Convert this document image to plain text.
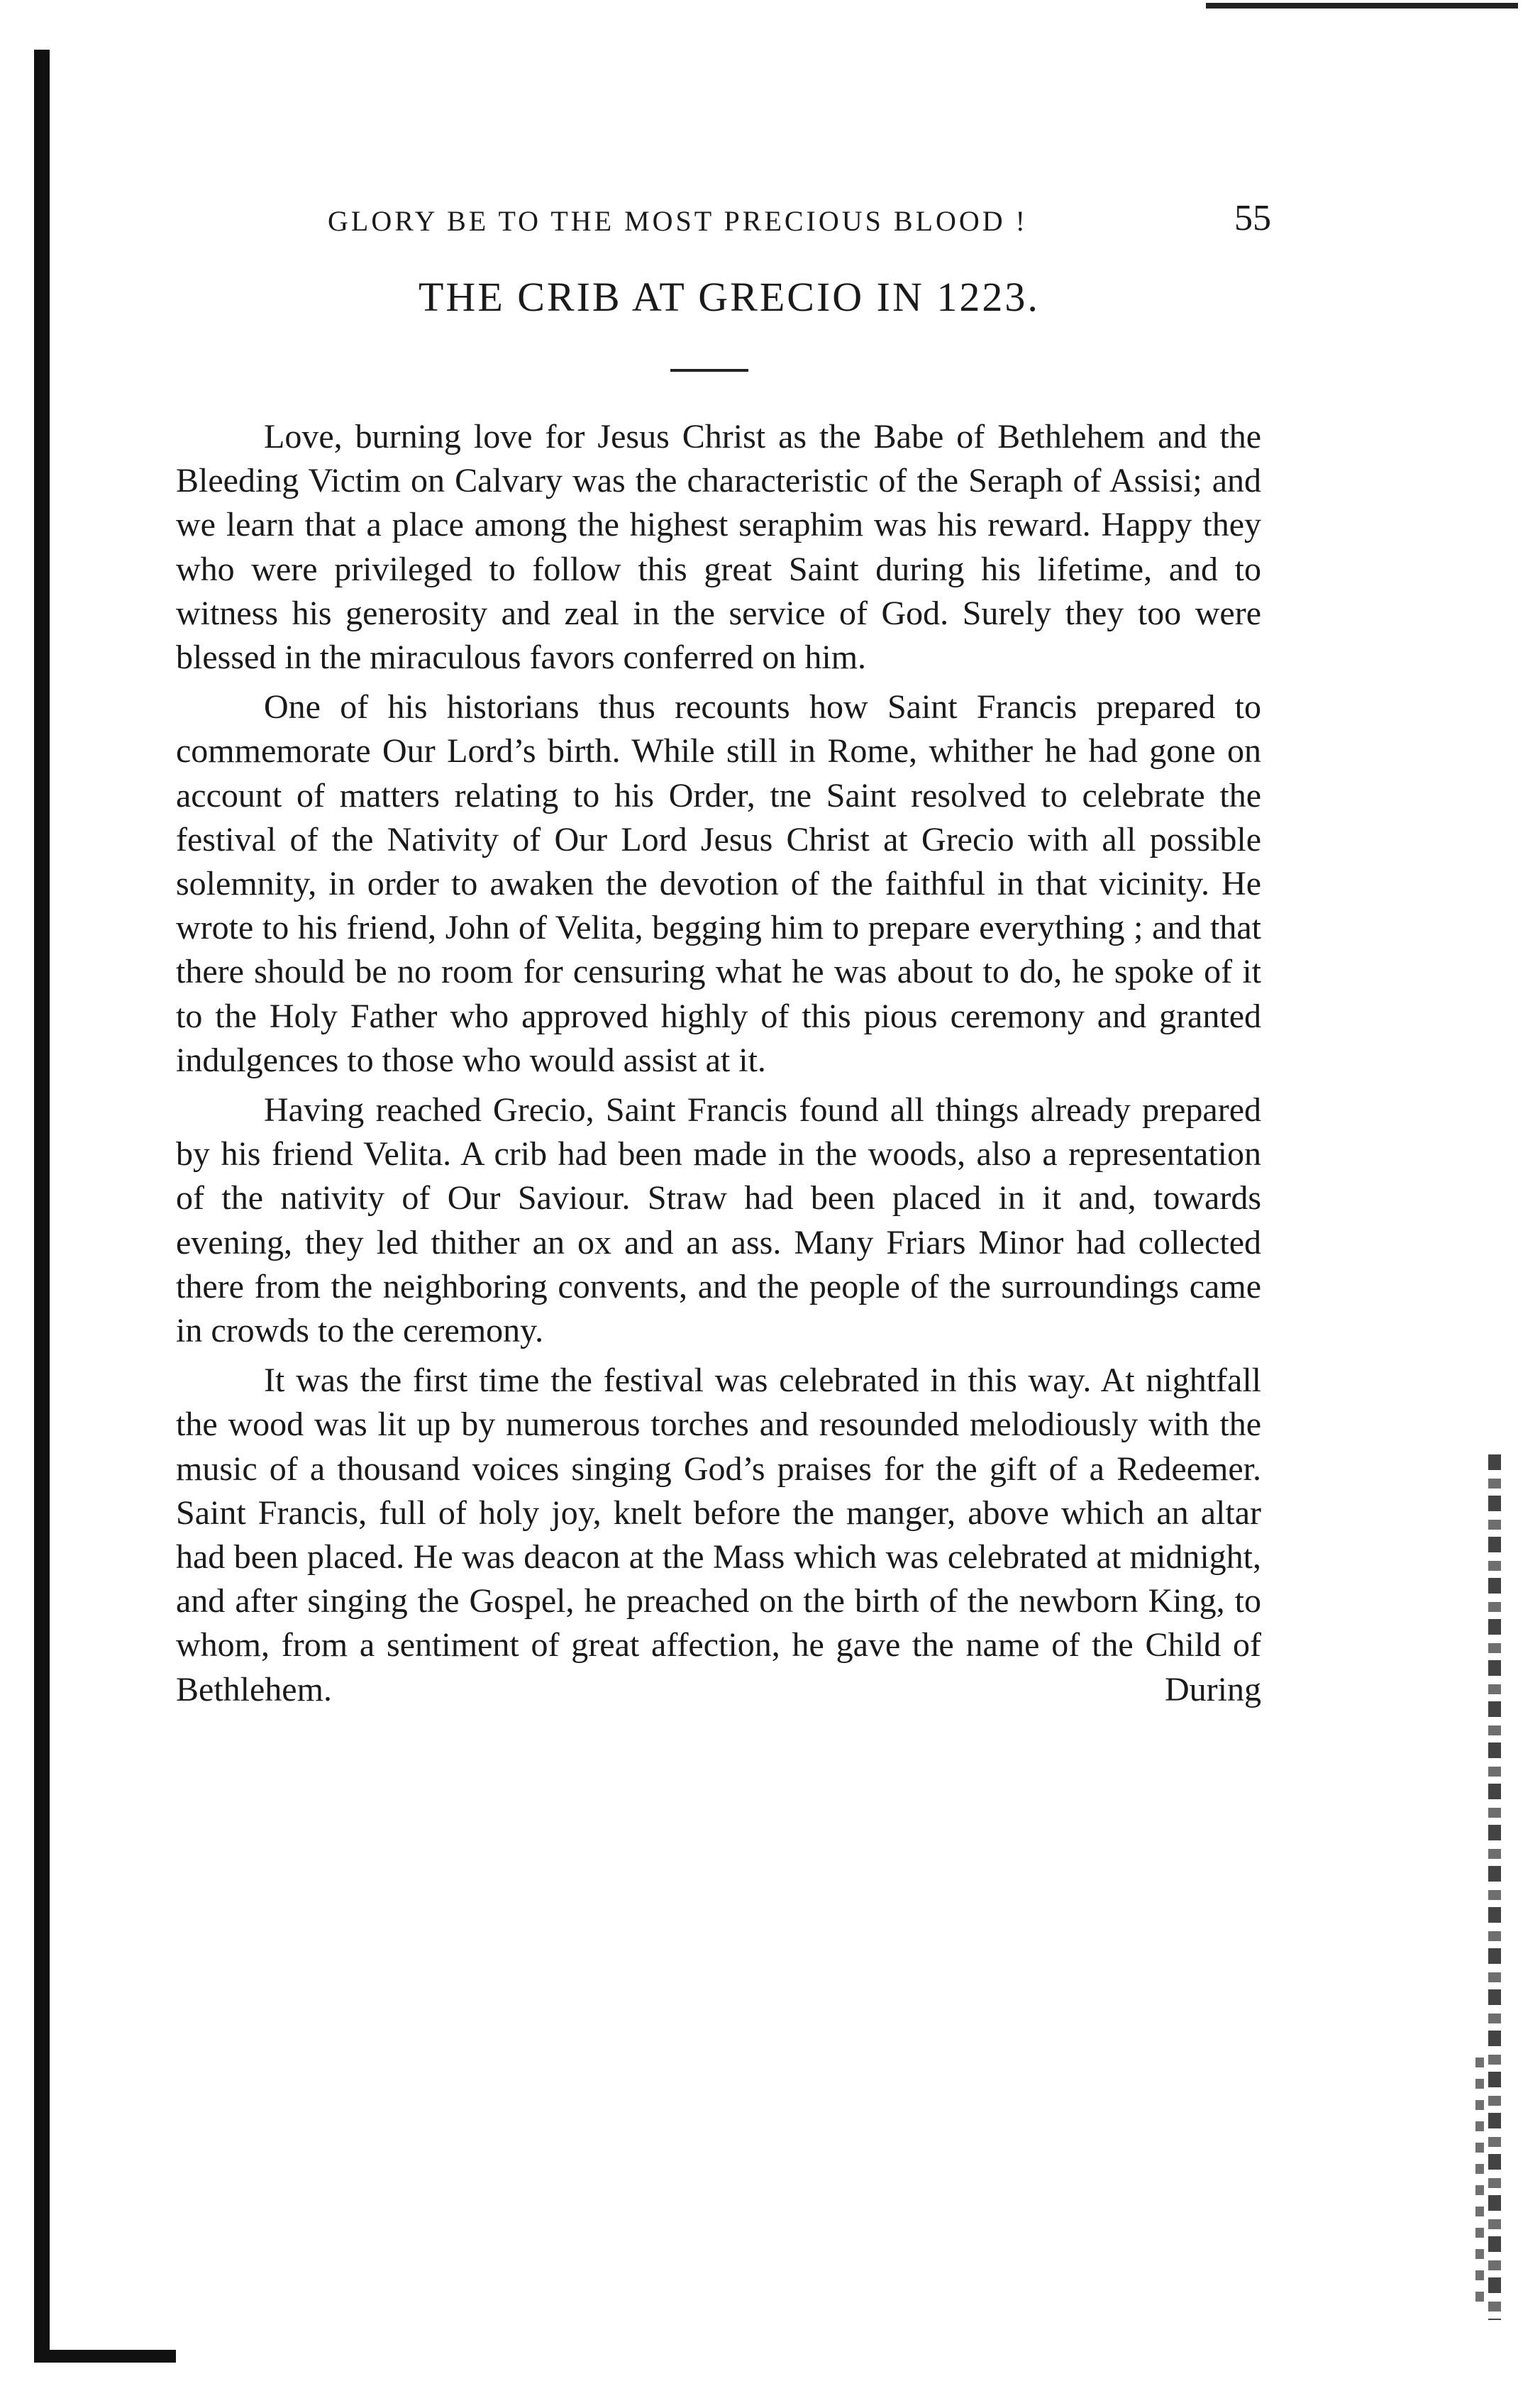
GLORY BE TO THE MOST PRECIOUS BLOOD !	55
THE CRIB AT GRECIO IN 1223.

Love, burning love for Jesus Christ as the Babe of Bethlehem and the Bleeding Victim on Calvary was the characteristic of the Seraph of Assisi; and we learn that a place among the highest seraphim was his reward. Happy they who were privileged to follow this great Saint during his lifetime, and to witness his generosity and zeal in the service of God. Surely they too were blessed in the miraculous favors conferred on him.

One of his historians thus recounts how Saint Francis prepared to commemorate Our Lord’s birth. While still in Rome, whither he had gone on account of matters relating to his Order, tne Saint resolved to celebrate the festival of the Nativity of Our Lord Jesus Christ at Grecio with all possible solemnity, in order to awaken the devotion of the faithful in that vicinity. He wrote to his friend, John of Velita, begging him to prepare everything ; and that there should be no room for censuring what he was about to do, he spoke of it to the Holy Father who approved highly of this pious ceremony and granted indulgences to those who would assist at it.

Having reached Grecio, Saint Francis found all things already prepared by his friend Velita. A crib had been made in the woods, also a representation of the nativity of Our Saviour. Straw had been placed in it and, towards evening, they led thither an ox and an ass. Many Friars Minor had collected there from the neighboring convents, and the people of the surroundings came in crowds to the ceremony.

It was the first time the festival was celebrated in this way. At nightfall the wood was lit up by numerous torches and resounded melodiously with the music of a thousand voices singing God’s praises for the gift of a Redeemer. Saint Francis, full of holy joy, knelt before the manger, above which an altar had been placed. He was deacon at the Mass which was celebrated at midnight, and after singing the Gospel, he preached on the birth of the newborn King, to whom, from a sentiment of great affection, he gave the name of the Child of Bethlehem. During
